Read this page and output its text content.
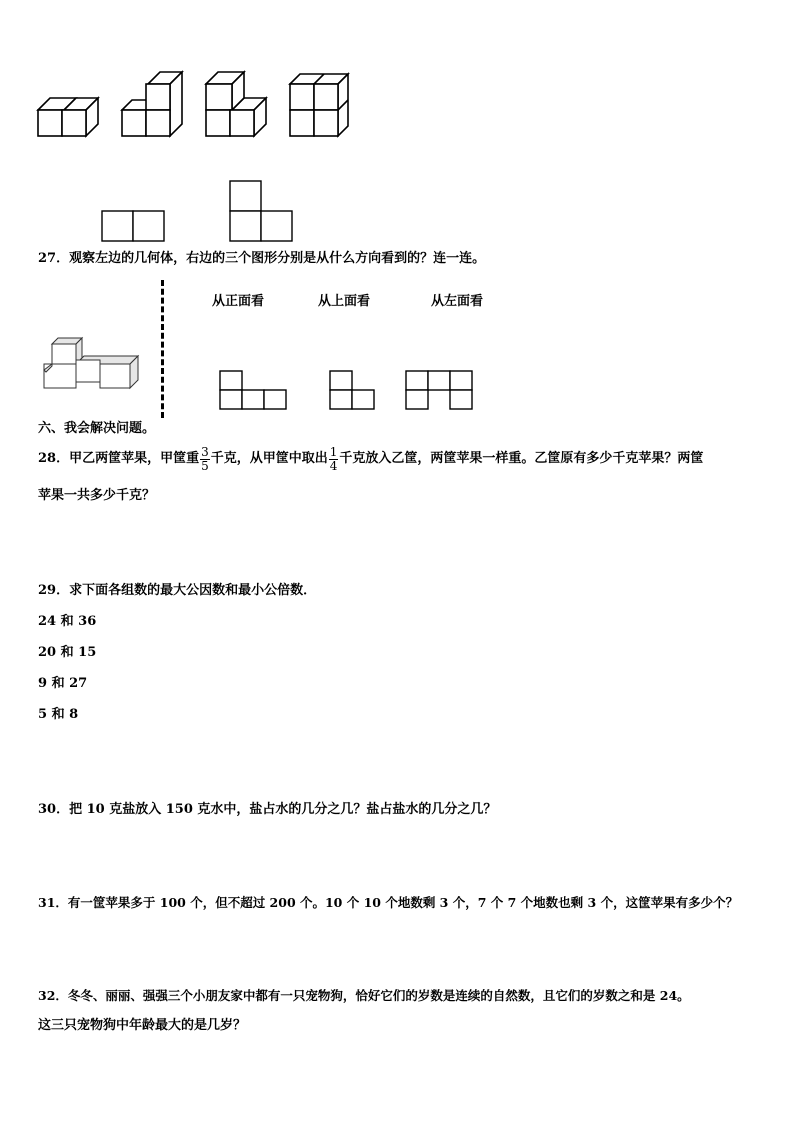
27．观察左边的几何体，右边的三个图形分别是从什么方向看到的？连一连。
从正面看	从上面看	从左面看
六、我会解决问题。
28．甲乙两筐苹果，甲筐重 $\frac{3}{5}$ 千克，从甲筐中取出 $\frac{1}{4}$ 千克放入乙筐，两筐苹果一样重。乙筐原有多少千克苹果？两筐
苹果一共多少千克？
29．求下面各组数的最大公因数和最小公倍数．
24 和 36
20 和 15
9 和 27
5 和 8
30．把 10 克盐放入 150 克水中，盐占水的几分之几？盐占盐水的几分之几？
31．有一筐苹果多于 100 个，但不超过 200 个。10 个 10 个地数剩 3 个，7 个 7 个地数也剩 3 个，这筐苹果有多少个？
32．冬冬、丽丽、强强三个小朋友家中都有一只宠物狗，恰好它们的岁数是连续的自然数，且它们的岁数之和是 24。
这三只宠物狗中年龄最大的是几岁？
